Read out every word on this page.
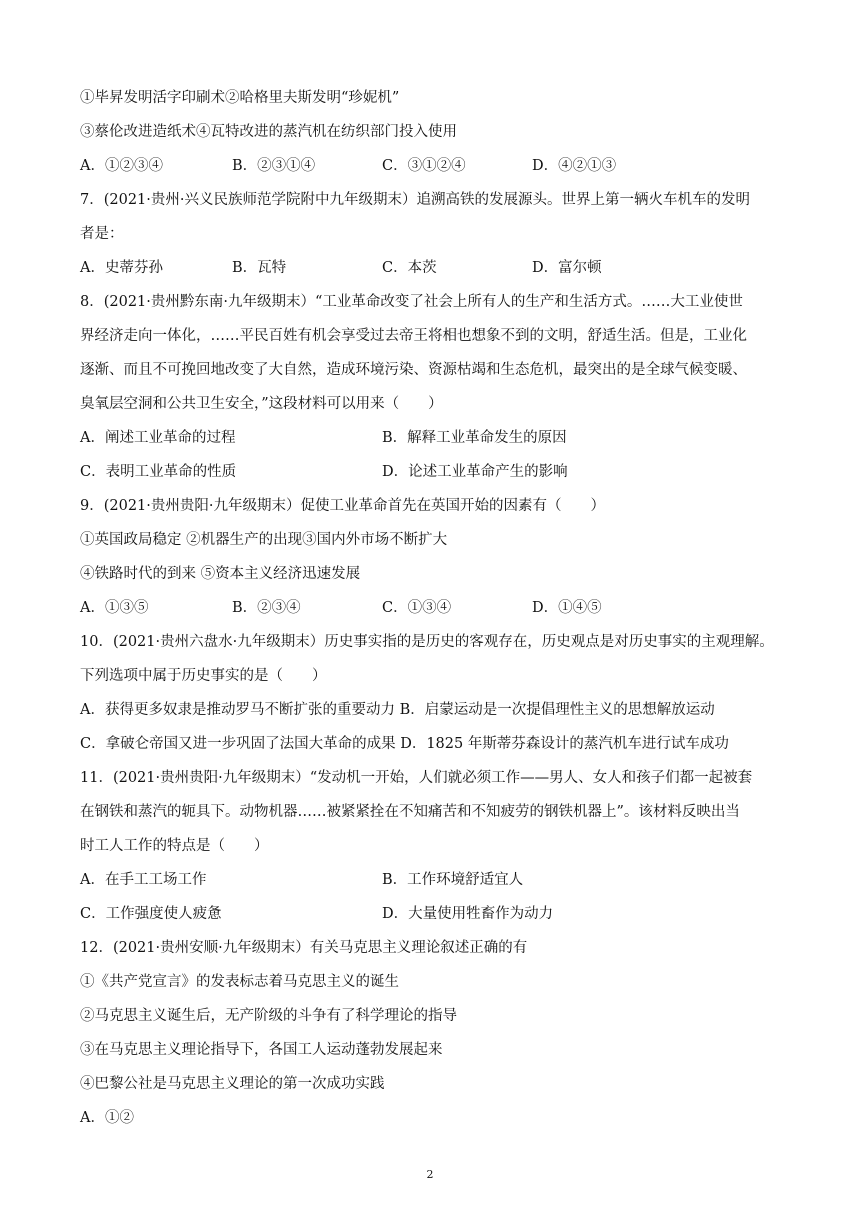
①毕昇发明活字印刷术②哈格里夫斯发明“珍妮机”
③蔡伦改进造纸术④瓦特改进的蒸汽机在纺织部门投入使用
A．①②③④	B．②③①④	C．③①②④	D．④②①③
7．(2021·贵州·兴义民族师范学院附中九年级期末）追溯高铁的发展源头。世界上第一辆火车机车的发明
者是：
A．史蒂芬孙	B．瓦特	C．本茨	D．富尔顿
8．(2021·贵州黔东南·九年级期末）“工业革命改变了社会上所有人的生产和生活方式。……大工业使世
界经济走向一体化，……平民百姓有机会享受过去帝王将相也想象不到的文明，舒适生活。但是，工业化
逐渐、而且不可挽回地改变了大自然，造成环境污染、资源枯竭和生态危机，最突出的是全球气候变暖、
臭氧层空洞和公共卫生安全，”这段材料可以用来（　　）
A．阐述工业革命的过程	B．解释工业革命发生的原因
C．表明工业革命的性质	D．论述工业革命产生的影响
9．(2021·贵州贵阳·九年级期末）促使工业革命首先在英国开始的因素有（　　）
①英国政局稳定 ②机器生产的出现③国内外市场不断扩大
④铁路时代的到来 ⑤资本主义经济迅速发展
A．①③⑤	B．②③④	C．①③④	D．①④⑤
10．(2021·贵州六盘水·九年级期末）历史事实指的是历史的客观存在，历史观点是对历史事实的主观理解。
下列选项中属于历史事实的是（　　）
A．获得更多奴隶是推动罗马不断扩张的重要动力 B．启蒙运动是一次提倡理性主义的思想解放运动
C．拿破仑帝国又进一步巩固了法国大革命的成果 D．1825 年斯蒂芬森设计的蒸汽机车进行试车成功
11．(2021·贵州贵阳·九年级期末）“发动机一开始，人们就必须工作——男人、女人和孩子们都一起被套
在钢铁和蒸汽的轭具下。动物机器……被紧紧拴在不知痛苦和不知疲劳的钢铁机器上”。该材料反映出当
时工人工作的特点是（　　）
A．在手工工场工作	B．工作环境舒适宜人
C．工作强度使人疲惫	D．大量使用牲畜作为动力
12．(2021·贵州安顺·九年级期末）有关马克思主义理论叙述正确的有
①《共产党宣言》的发表标志着马克思主义的诞生
②马克思主义诞生后，无产阶级的斗争有了科学理论的指导
③在马克思主义理论指导下，各国工人运动蓬勃发展起来
④巴黎公社是马克思主义理论的第一次成功实践
A．①②
2
